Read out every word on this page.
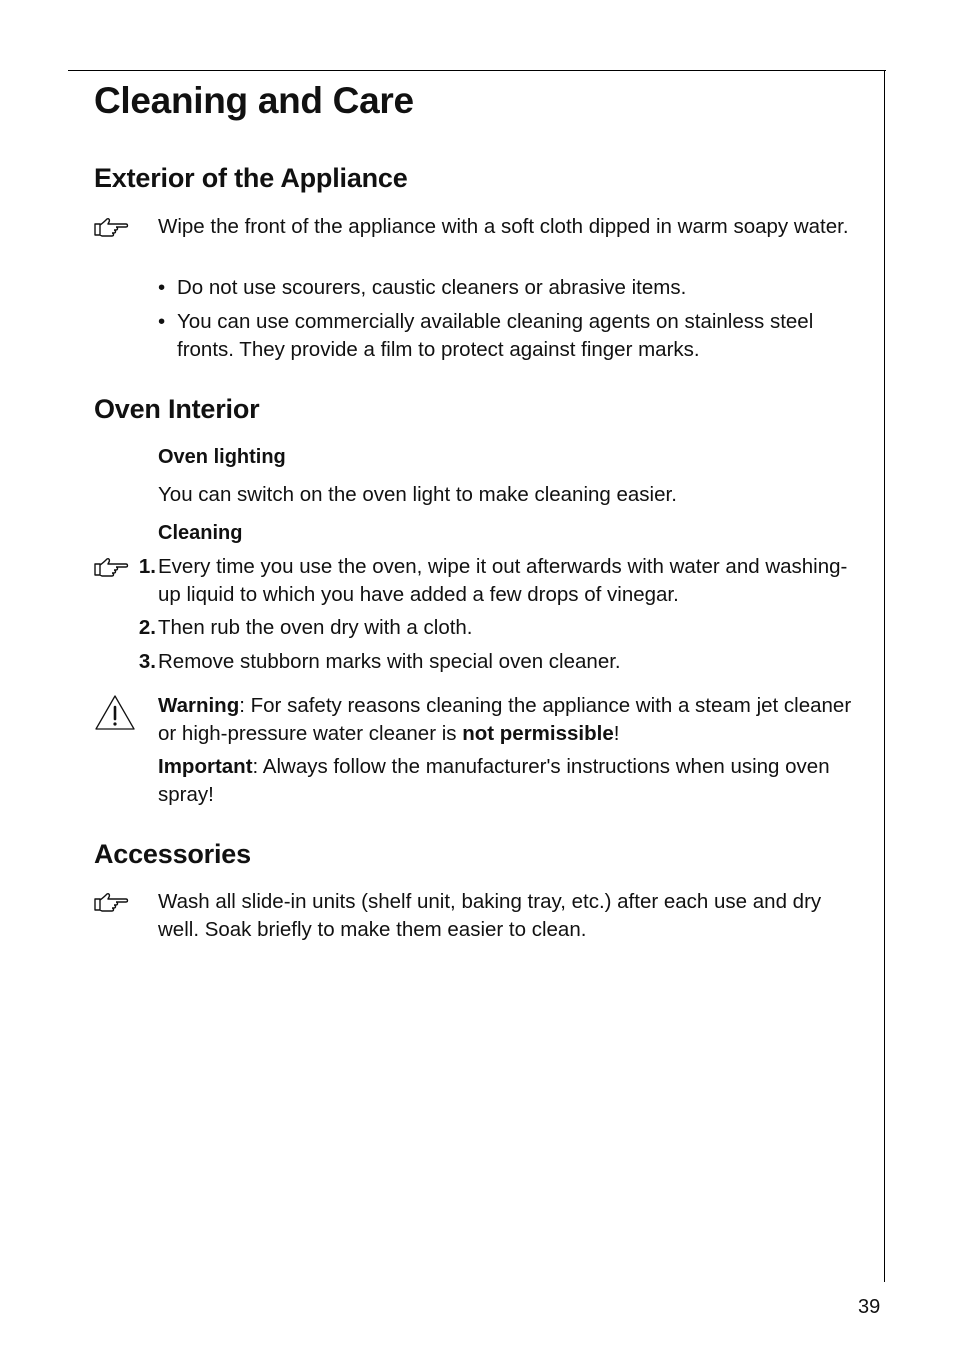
Cleaning and Care
Exterior of the Appliance

Wipe the front of the appliance with a soft cloth dipped in warm soapy water.

• Do not use scourers, caustic cleaners or abrasive items.
• You can use commercially available cleaning agents on stainless steel fronts. They provide a film to protect against finger marks.
Oven Interior
Oven lighting

You can switch on the oven light to make cleaning easier.

Cleaning
1. Every time you use the oven, wipe it out afterwards with water and washing-up liquid to which you have added a few drops of vinegar.
2. Then rub the oven dry with a cloth.
3. Remove stubborn marks with special oven cleaner.

Warning: For safety reasons cleaning the appliance with a steam jet cleaner or high-pressure water cleaner is not permissible!

Important: Always follow the manufacturer's instructions when using oven spray!

Accessories

Wash all slide-in units (shelf unit, baking tray, etc.) after each use and dry well. Soak briefly to make them easier to clean.

39
